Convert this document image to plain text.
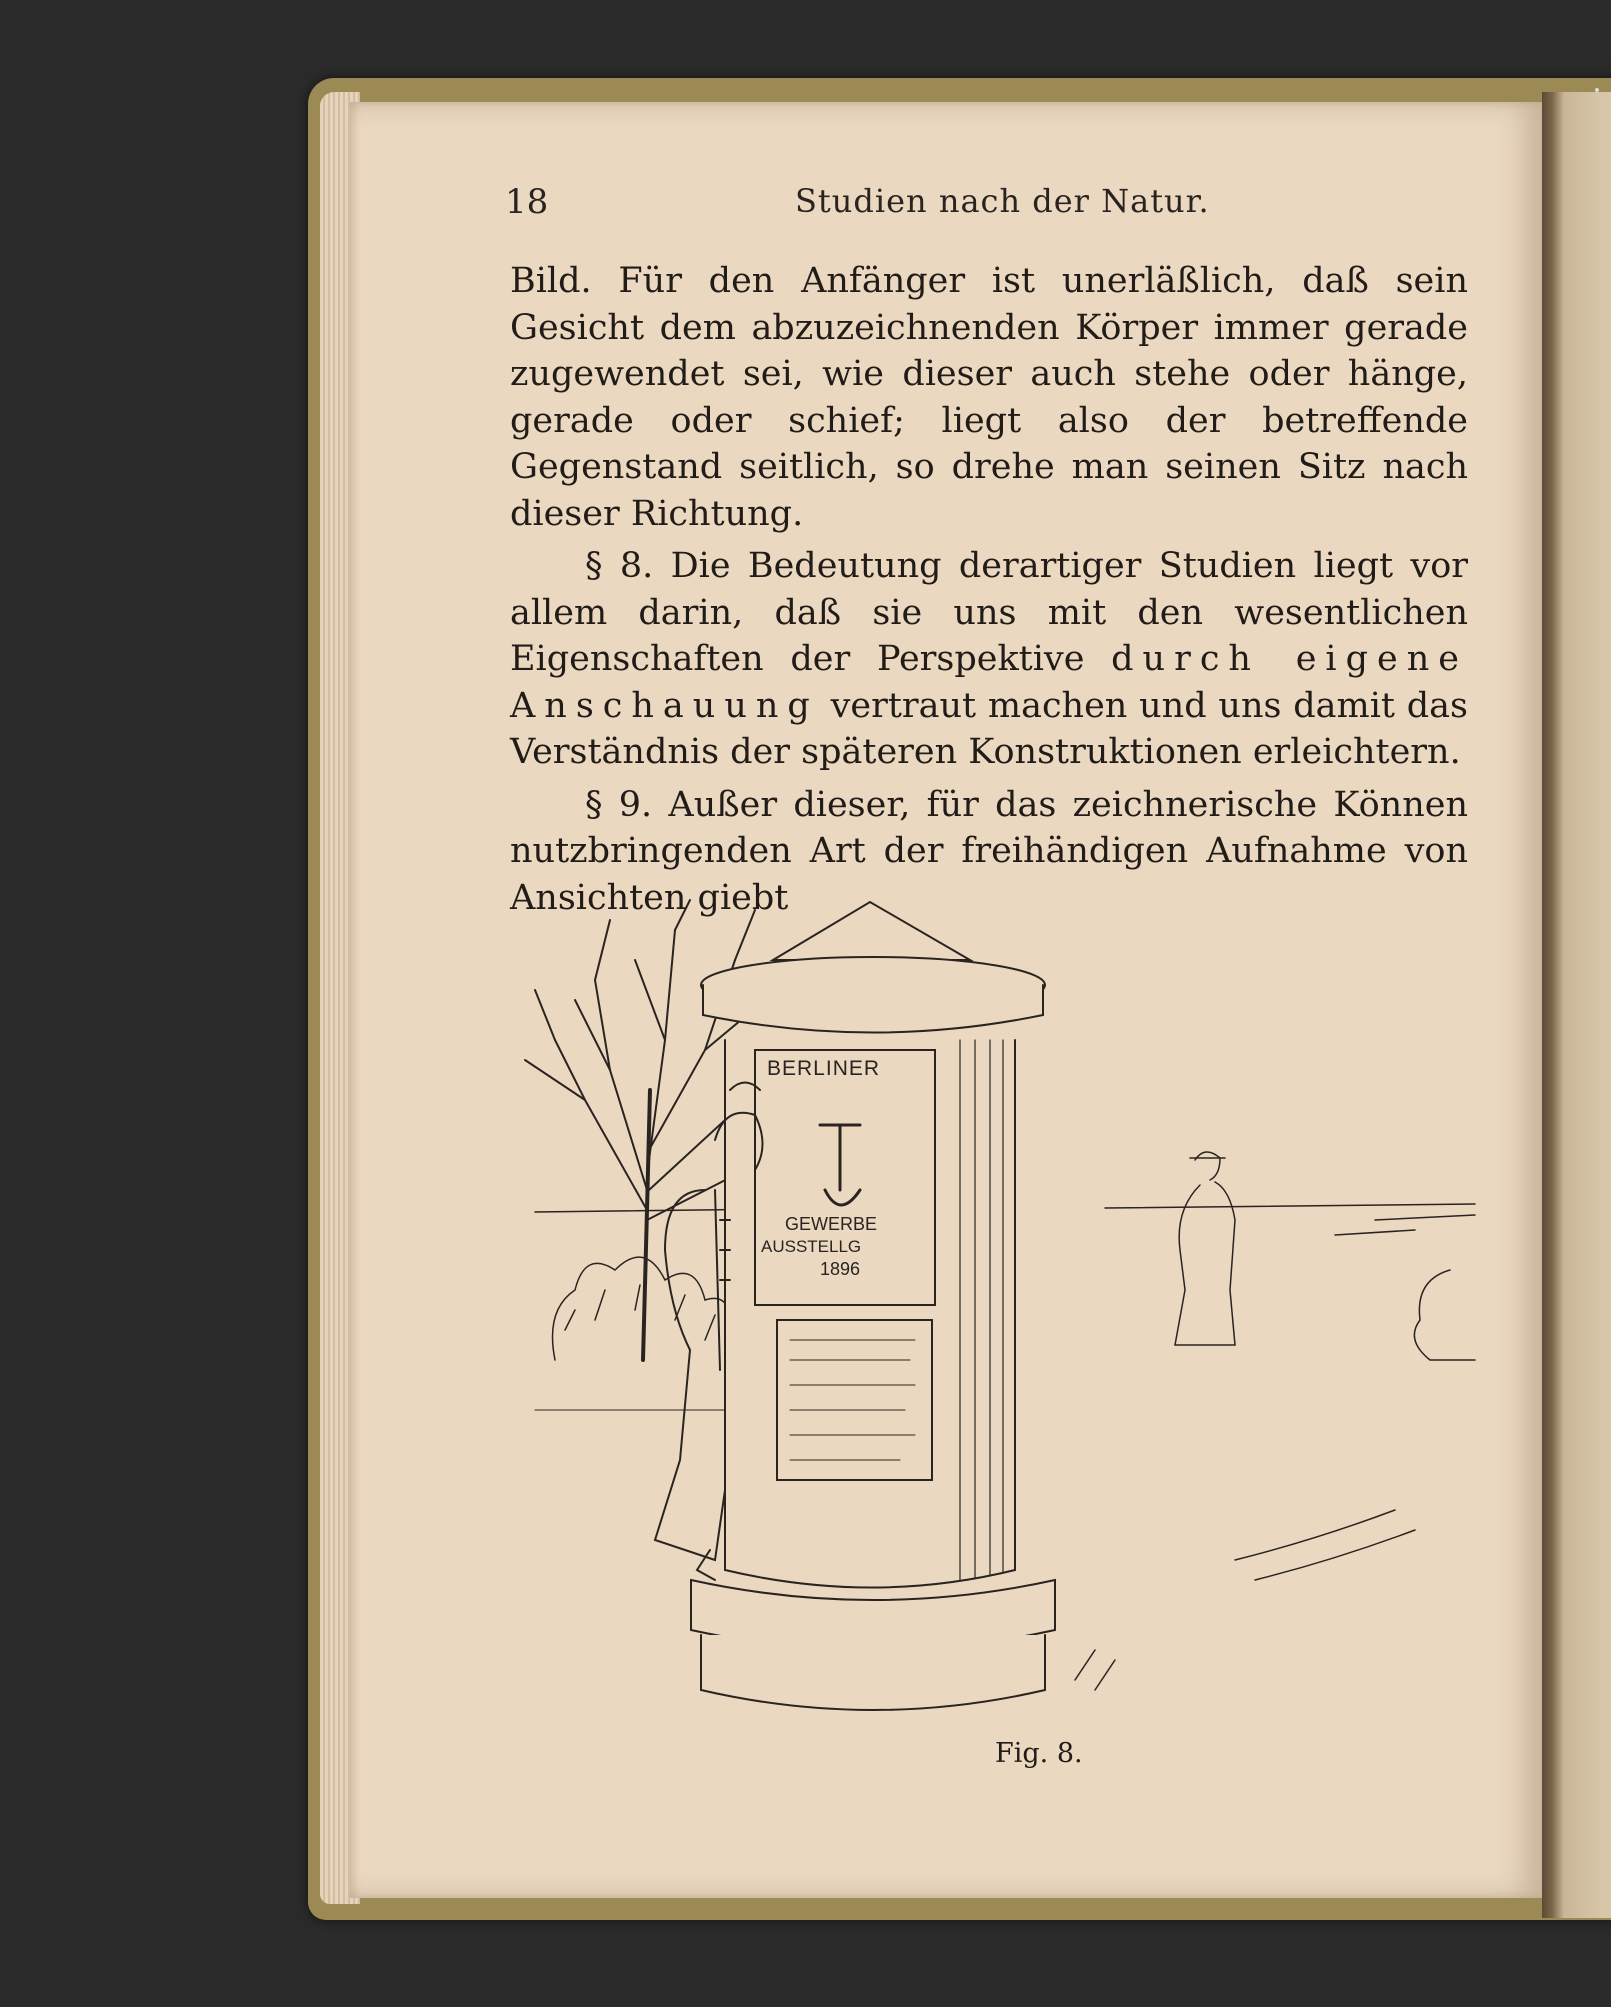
18	Studien nach der Natur.

Bild. Für den Anfänger ist unerläßlich, daß sein Gesicht dem abzuzeichnenden Körper immer gerade zugewendet sei, wie dieser auch stehe oder hänge, gerade oder schief; liegt also der betreffende Gegenstand seitlich, so drehe man seinen Sitz nach dieser Richtung.

§ 8. Die Bedeutung derartiger Studien liegt vor allem darin, daß sie uns mit den wesentlichen Eigenschaften der Perspektive durch eigene Anschauung vertraut machen und uns damit das Verständnis der späteren Konstruktionen erleichtern.

§ 9. Außer dieser, für das zeichnerische Können nutzbringenden Art der freihändigen Aufnahme von Ansichten giebt

BERLINER
GEWERBE
AUSSTELLG
1896
Fig. 8.
